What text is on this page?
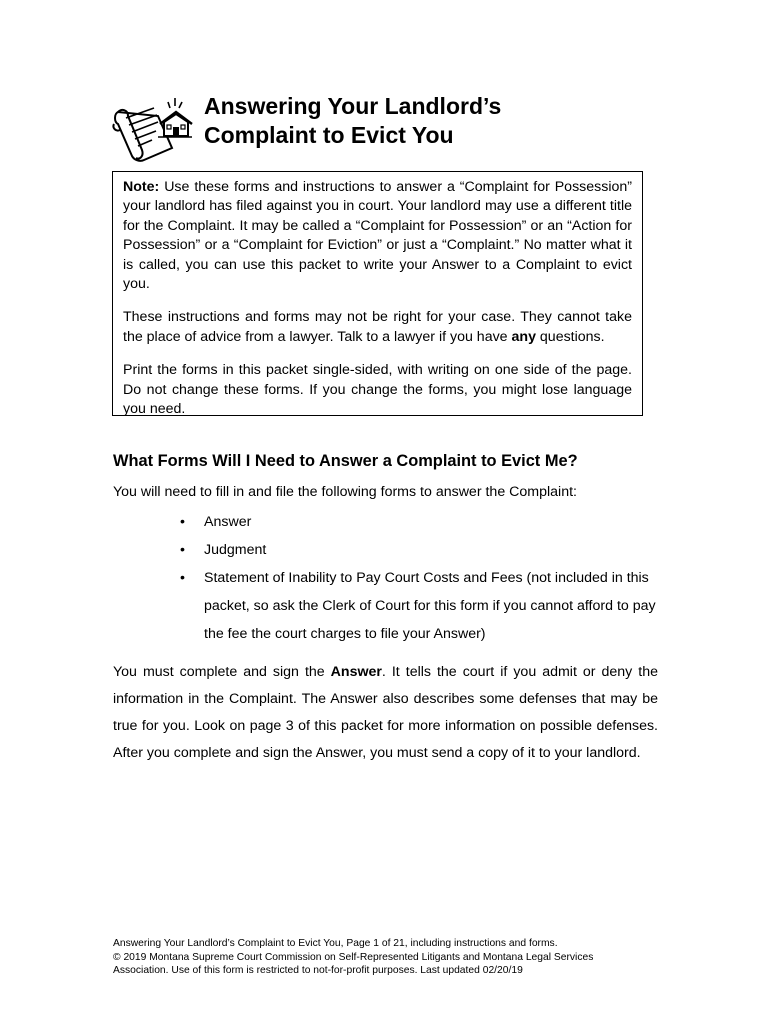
Answering Your Landlord’s
Complaint to Evict You

Note: Use these forms and instructions to answer a “Complaint for Possession” your landlord has filed against you in court. Your landlord may use a different title for the Complaint. It may be called a “Complaint for Possession” or an “Action for Possession” or a “Complaint for Eviction” or just a “Complaint.” No matter what it is called, you can use this packet to write your Answer to a Complaint to evict you.

These instructions and forms may not be right for your case. They cannot take the place of advice from a lawyer. Talk to a lawyer if you have any questions.

Print the forms in this packet single-sided, with writing on one side of the page. Do not change these forms. If you change the forms, you might lose language you need.

What Forms Will I Need to Answer a Complaint to Evict Me?
You will need to fill in and file the following forms to answer the Complaint:
• Answer
• Judgment
• Statement of Inability to Pay Court Costs and Fees (not included in this packet, so ask the Clerk of Court for this form if you cannot afford to pay the fee the court charges to file your Answer)
You must complete and sign the Answer. It tells the court if you admit or deny the information in the Complaint. The Answer also describes some defenses that may be true for you. Look on page 3 of this packet for more information on possible defenses. After you complete and sign the Answer, you must send a copy of it to your landlord.
Answering Your Landlord’s Complaint to Evict You, Page 1 of 21, including instructions and forms.
© 2019 Montana Supreme Court Commission on Self-Represented Litigants and Montana Legal Services
Association. Use of this form is restricted to not-for-profit purposes. Last updated 02/20/19
